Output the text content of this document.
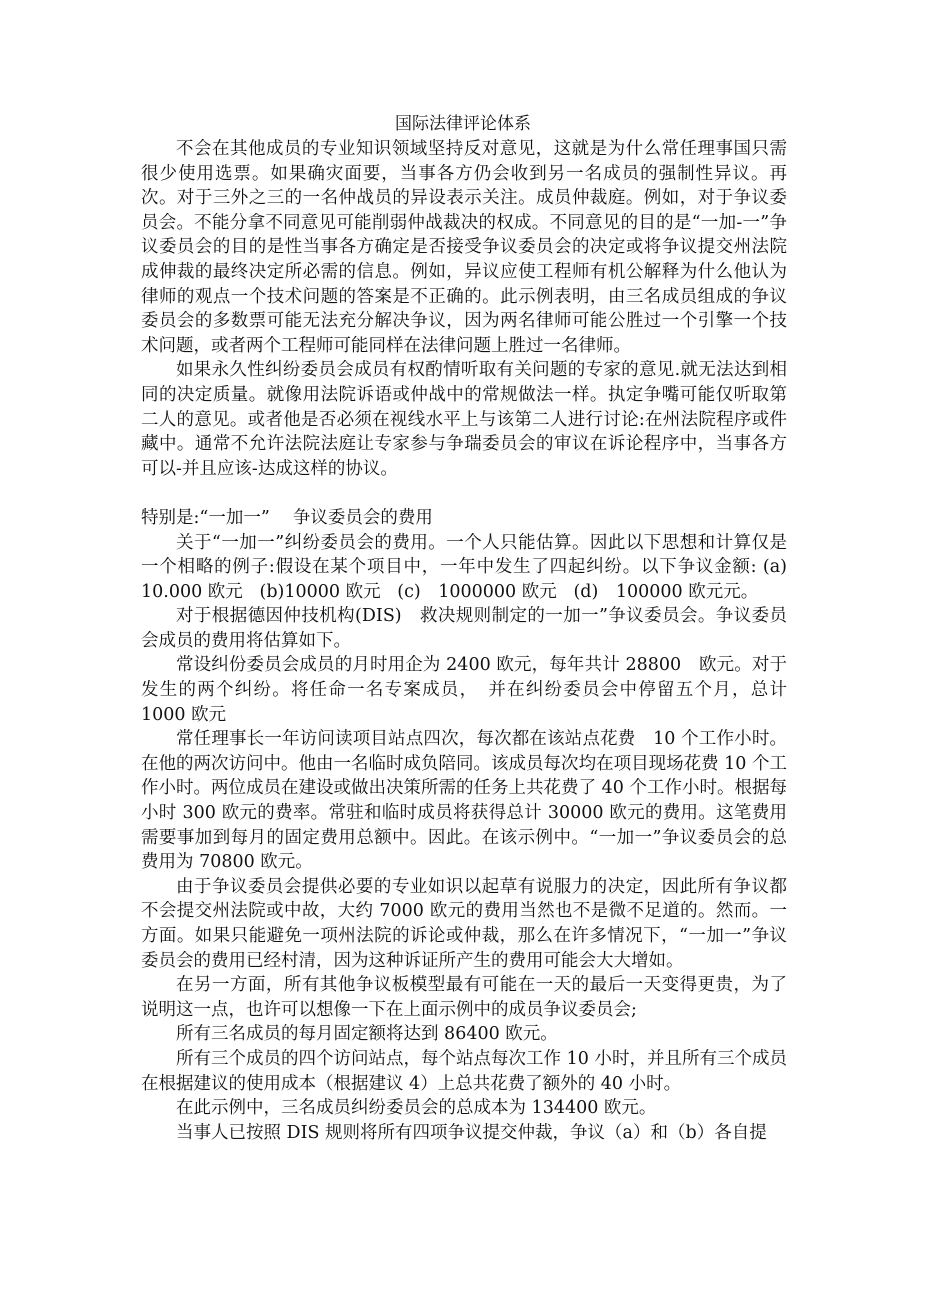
国际法律评论体系

不会在其他成员的专业知识领域坚持反对意见，这就是为什么常任理事国只需很少使用选票。如果确灾面要，当事各方仍会收到另一名成员的强制性异议。再次。对于三外之三的一名仲战员的异设表示关注。成员仲裁庭。例如，对于争议委员会。不能分拿不同意见可能削弱仲战裁决的权成。不同意见的目的是“一加-一”争议委员会的目的是性当事各方确定是否接受争议委员会的决定或将争议提交州法院成伸裁的最终决定所必需的信息。例如，异议应使工程师有机公解释为什么他认为律师的观点一个技术问题的答案是不正确的。此示例表明，由三名成员组成的争议委员会的多数票可能无法充分解决争议，因为两名律师可能公胜过一个引擎一个技术问题，或者两个工程师可能同样在法律问题上胜过一名律师。

如果永久性纠纷委员会成员有权酌情听取有关问题的专家的意见.就无法达到相同的决定质量。就像用法院诉语或仲战中的常规做法一样。执定争嘴可能仅听取第二人的意见。或者他是否必须在视线水平上与该第二人进行讨论:在州法院程序或件藏中。通常不允许法院法庭让专家参与争瑞委员会的审议在诉论程序中，当事各方可以-并且应该-达成这样的协议。

特别是:“一加一”　 争议委员会的费用

关于“一加一”纠纷委员会的费用。一个人只能估算。因此以下思想和计算仅是一个相略的例子:假设在某个项目中，一年中发生了四起纠纷。以下争议金额: (a)　10.000 欧元 (b)10000 欧元 (c)　1000000 欧元 (d)　100000 欧元元。

对于根据德因仲技机构(DIS)　救决规则制定的一加一”争议委员会。争议委员会成员的费用将估算如下。

常设纠份委员会成员的月时用企为 2400 欧元，每年共计 28800　欧元。对于发生的两个纠纷。将任命一名专案成员，　并在纠纷委员会中停留五个月，总计 1000 欧元

常任理事长一年访问读项目站点四次，每次都在该站点花费　10 个工作小时。在他的两次访问中。他由一名临时成负陪同。该成员每次均在项目现场花费 10 个工作小时。两位成员在建设或做出决策所需的任务上共花费了 40 个工作小时。根据每小时 300 欧元的费率。常驻和临时成员将获得总计 30000 欧元的费用。这笔费用需要事加到每月的固定费用总额中。因此。在该示例中。“一加一”争议委员会的总费用为 70800 欧元。

由于争议委员会提供必要的专业如识以起草有说服力的决定，因此所有争议都不会提交州法院或中故，大约 7000 欧元的费用当然也不是微不足道的。然而。一方面。如果只能避免一项州法院的诉论或仲裁，那么在许多情况下，“一加一”争议委员会的费用已经村清，因为这种诉证所产生的费用可能会大大增如。

在另一方面，所有其他争议板模型最有可能在一天的最后一天变得更贵，为了说明这一点，也许可以想像一下在上面示例中的成员争议委员会;

所有三名成员的每月固定额将达到 86400 欧元。

所有三个成员的四个访问站点，每个站点每次工作 10 小时，并且所有三个成员在根据建议的使用成本（根据建议 4）上总共花费了额外的 40 小时。

在此示例中，三名成员纠纷委员会的总成本为 134400 欧元。

当事人已按照 DIS 规则将所有四项争议提交仲裁，争议（a）和（b）各自提
